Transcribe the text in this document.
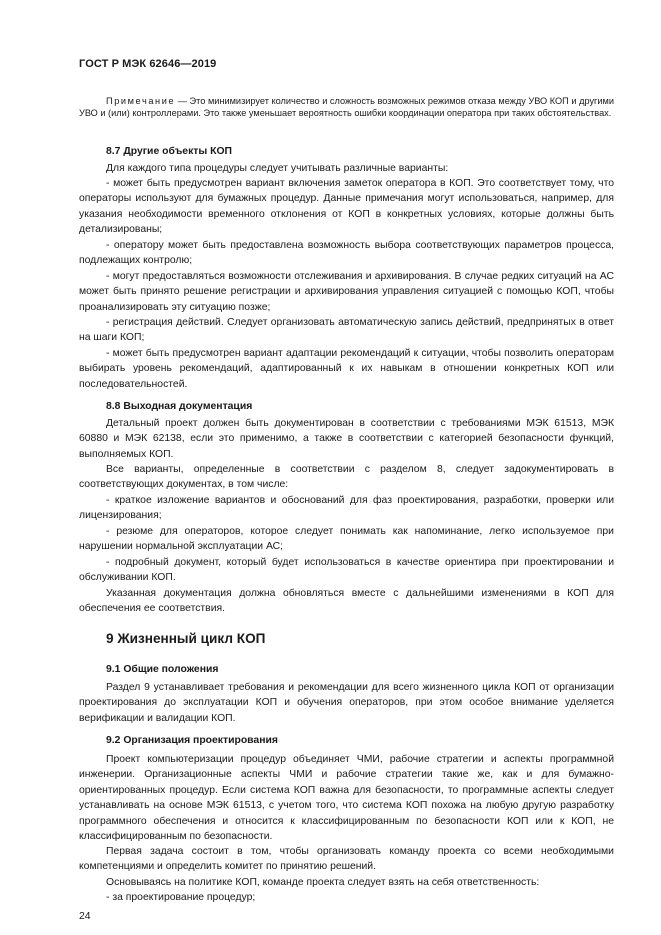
ГОСТ Р МЭК 62646—2019
Примечание — Это минимизирует количество и сложность возможных режимов отказа между УВО КОП и другими УВО и (или) контроллерами. Это также уменьшает вероятность ошибки координации оператора при таких обстоятельствах.
8.7 Другие объекты КОП

Для каждого типа процедуры следует учитывать различные варианты:

- может быть предусмотрен вариант включения заметок оператора в КОП. Это соответствует тому, что операторы используют для бумажных процедур. Данные примечания могут использоваться, например, для указания необходимости временного отклонения от КОП в конкретных условиях, которые должны быть детализированы;

- оператору может быть предоставлена возможность выбора соответствующих параметров процесса, подлежащих контролю;

- могут предоставляться возможности отслеживания и архивирования. В случае редких ситуаций на АС может быть принято решение регистрации и архивирования управления ситуацией с помощью КОП, чтобы проанализировать эту ситуацию позже;

- регистрация действий. Следует организовать автоматическую запись действий, предпринятых в ответ на шаги КОП;

- может быть предусмотрен вариант адаптации рекомендаций к ситуации, чтобы позволить операторам выбирать уровень рекомендаций, адаптированный к их навыкам в отношении конкретных КОП или последовательностей.

8.8 Выходная документация

Детальный проект должен быть документирован в соответствии с требованиями МЭК 61513, МЭК 60880 и МЭК 62138, если это применимо, а также в соответствии с категорией безопасности функций, выполняемых КОП.

Все варианты, определенные в соответствии с разделом 8, следует задокументировать в соответствующих документах, в том числе:

- краткое изложение вариантов и обоснований для фаз проектирования, разработки, проверки или лицензирования;

- резюме для операторов, которое следует понимать как напоминание, легко используемое при нарушении нормальной эксплуатации АС;

- подробный документ, который будет использоваться в качестве ориентира при проектировании и обслуживании КОП.

Указанная документация должна обновляться вместе с дальнейшими изменениями в КОП для обеспечения ее соответствия.

9 Жизненный цикл КОП
9.1 Общие положения

Раздел 9 устанавливает требования и рекомендации для всего жизненного цикла КОП от организации проектирования до эксплуатации КОП и обучения операторов, при этом особое внимание уделяется верификации и валидации КОП.

9.2 Организация проектирования

Проект компьютеризации процедур объединяет ЧМИ, рабочие стратегии и аспекты программной инженерии. Организационные аспекты ЧМИ и рабочие стратегии такие же, как и для бумажно-ориентированных процедур. Если система КОП важна для безопасности, то программные аспекты следует устанавливать на основе МЭК 61513, с учетом того, что система КОП похожа на любую другую разработку программного обеспечения и относится к классифицированным по безопасности КОП или к КОП, не классифицированным по безопасности.

Первая задача состоит в том, чтобы организовать команду проекта со всеми необходимыми компетенциями и определить комитет по принятию решений.

24

Основываясь на политике КОП, команде проекта следует взять на себя ответственность:

- за проектирование процедур;
